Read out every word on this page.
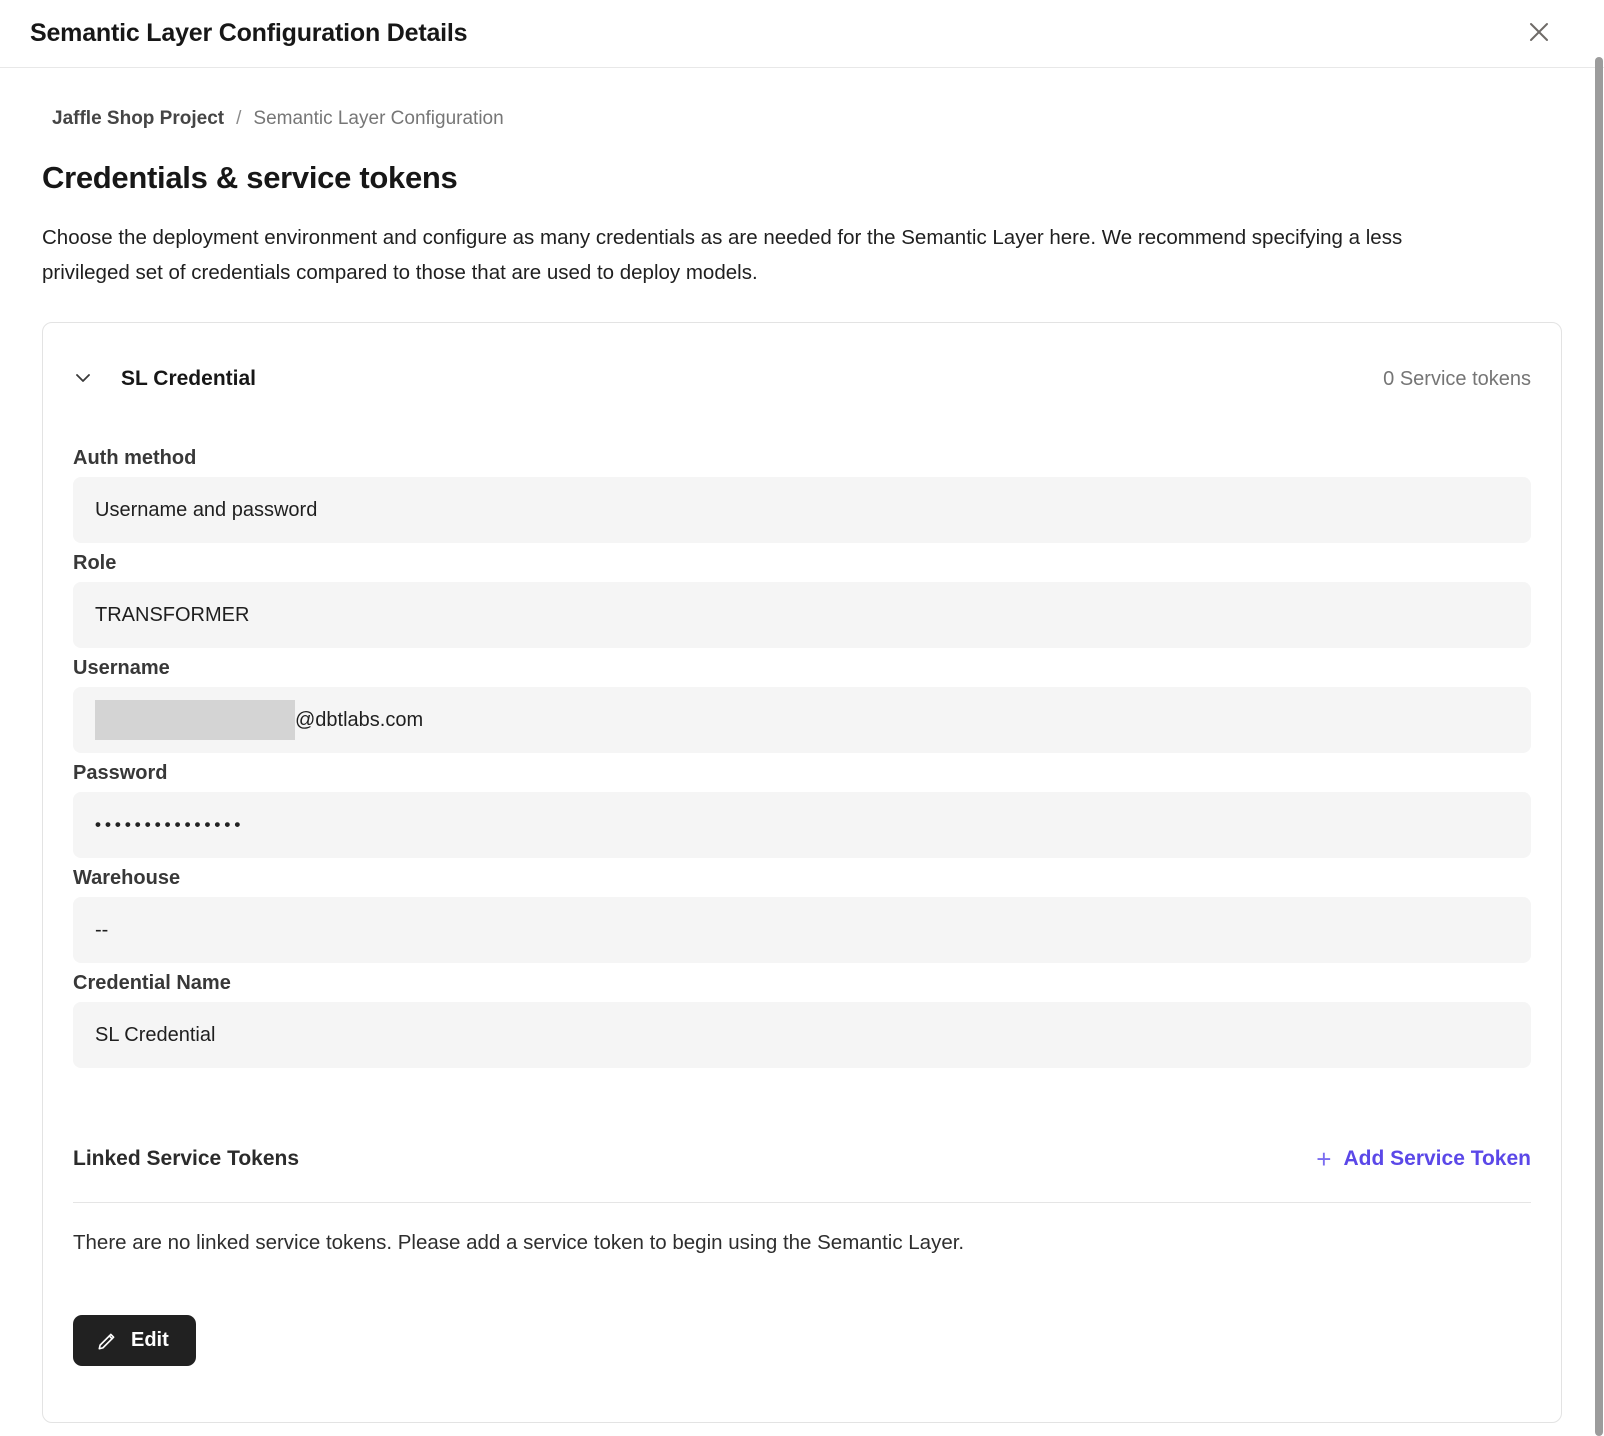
Semantic Layer Configuration Details
Jaffle Shop Project / Semantic Layer Configuration
Credentials & service tokens

Choose the deployment environment and configure as many credentials as are needed for the Semantic Layer here. We recommend specifying a less privileged set of credentials compared to those that are used to deploy models.

SL Credential	0 Service tokens
Auth method
Username and password
Role
TRANSFORMER
Username
@dbtlabs.com
Password
•••••••••••••••
Warehouse
--
Credential Name
SL Credential
Linked Service Tokens	+ Add Service Token

There are no linked service tokens. Please add a service token to begin using the Semantic Layer.

Edit
